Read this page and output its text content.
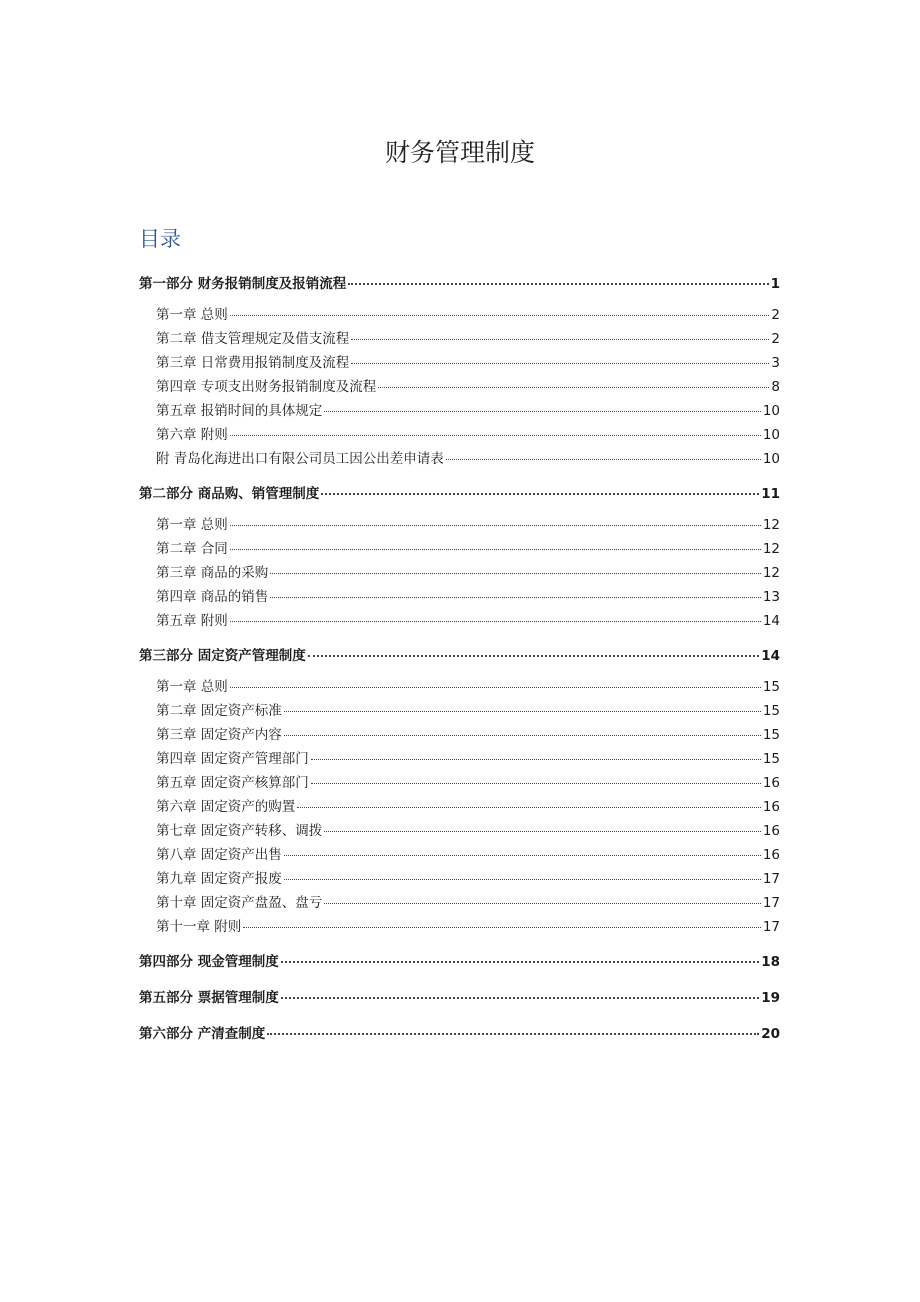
财务管理制度
目录
第一部分 财务报销制度及报销流程	1
第一章 总则	2
第二章 借支管理规定及借支流程	2
第三章 日常费用报销制度及流程	3
第四章 专项支出财务报销制度及流程	8
第五章 报销时间的具体规定	10
第六章 附则	10
附 青岛化海进出口有限公司员工因公出差申请表	10
第二部分 商品购、销管理制度	11
第一章 总则	12
第二章 合同	12
第三章 商品的采购	12
第四章 商品的销售	13
第五章 附则	14
第三部分 固定资产管理制度	14
第一章 总则	15
第二章 固定资产标准	15
第三章 固定资产内容	15
第四章 固定资产管理部门	15
第五章 固定资产核算部门	16
第六章 固定资产的购置	16
第七章 固定资产转移、调拨	16
第八章 固定资产出售	16
第九章 固定资产报废	17
第十章 固定资产盘盈、盘亏	17
第十一章 附则	17
第四部分 现金管理制度	18
第五部分 票据管理制度	19
第六部分 产清查制度	20
